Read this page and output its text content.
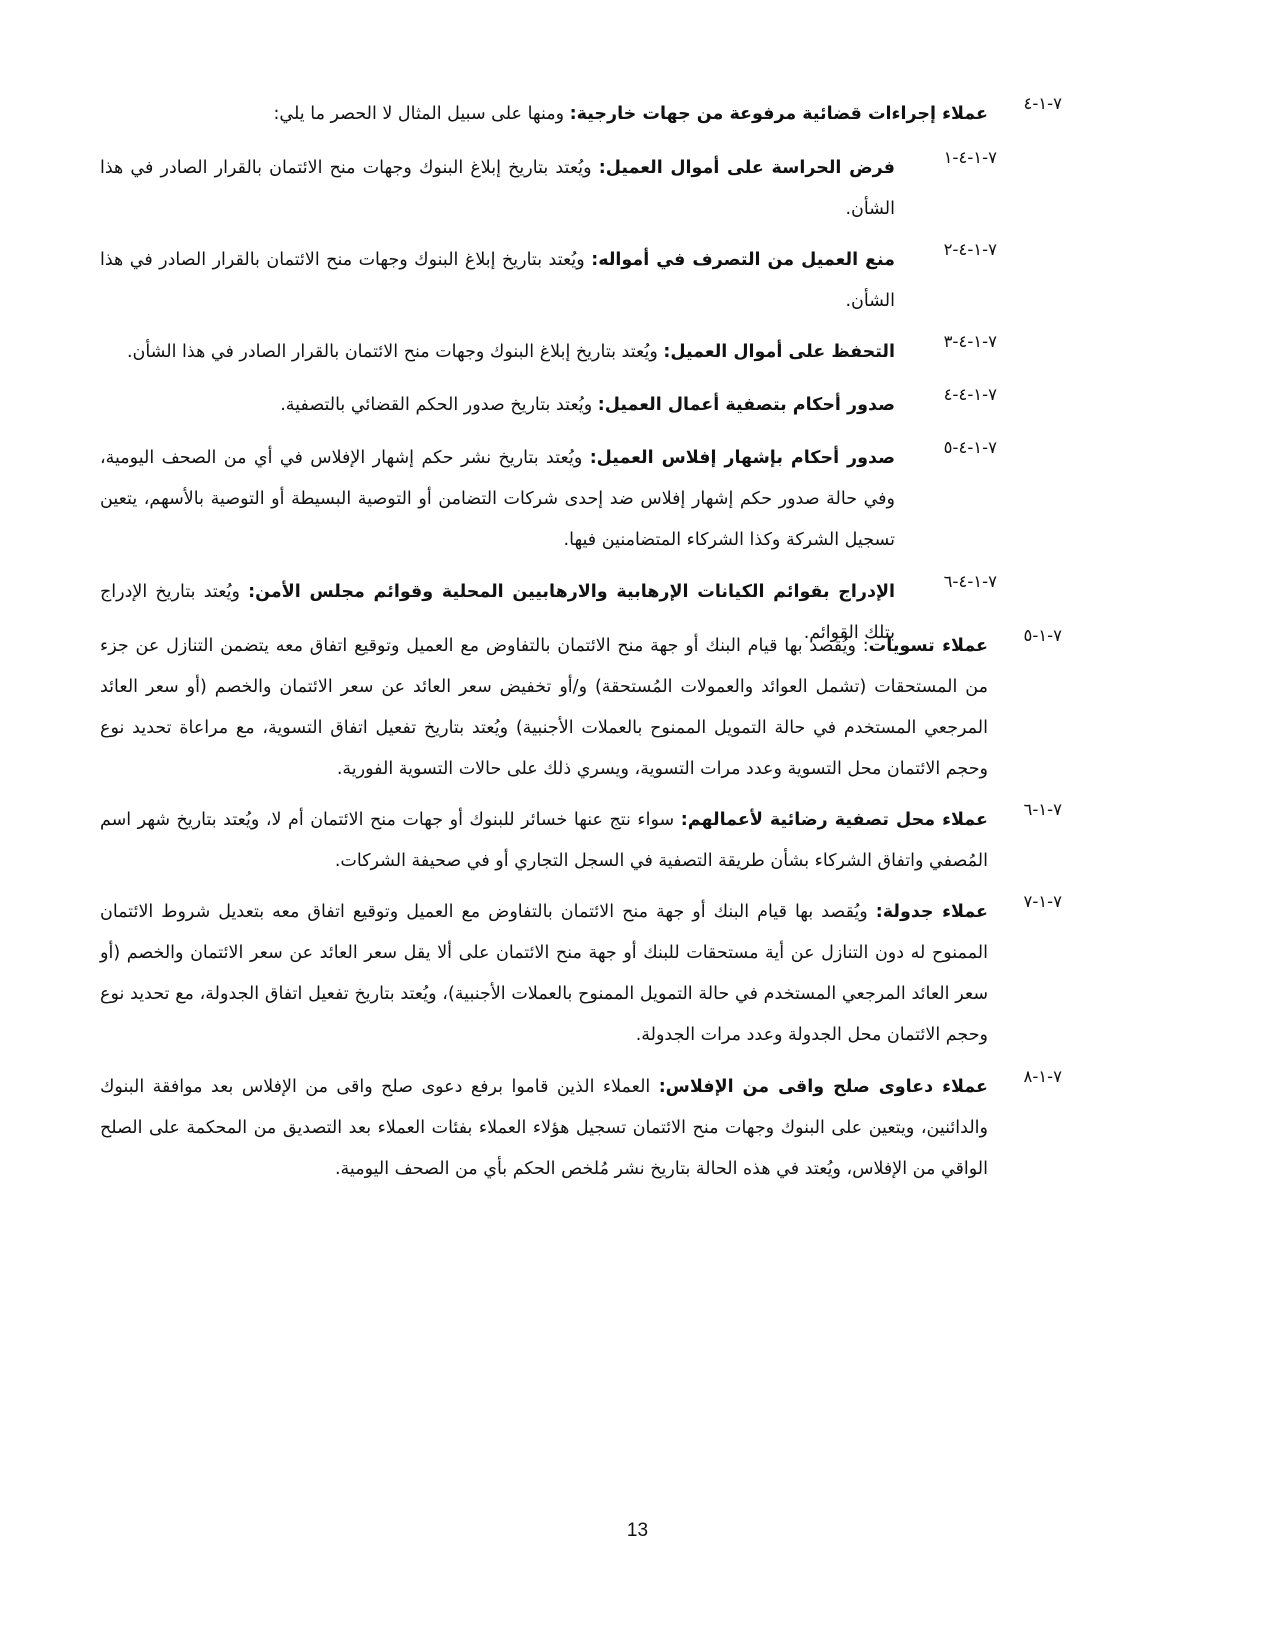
٧-١-٤
عملاء إجراءات قضائية مرفوعة من جهات خارجية: ومنها على سبيل المثال لا الحصر ما يلي:
٧-١-٤-١
فرض الحراسة على أموال العميل: ويُعتد بتاريخ إبلاغ البنوك وجهات منح الائتمان بالقرار الصادر في هذا الشأن.
٧-١-٤-٢
منع العميل من التصرف في أمواله: ويُعتد بتاريخ إبلاغ البنوك وجهات منح الائتمان بالقرار الصادر في هذا الشأن.
٧-١-٤-٣
التحفظ على أموال العميل: ويُعتد بتاريخ إبلاغ البنوك وجهات منح الائتمان بالقرار الصادر في هذا الشأن.
٧-١-٤-٤
صدور أحكام بتصفية أعمال العميل: ويُعتد بتاريخ صدور الحكم القضائي بالتصفية.
٧-١-٤-٥
صدور أحكام بإشهار إفلاس العميل: ويُعتد بتاريخ نشر حكم إشهار الإفلاس في أي من الصحف اليومية، وفي حالة صدور حكم إشهار إفلاس ضد إحدى شركات التضامن أو التوصية البسيطة أو التوصية بالأسهم، يتعين تسجيل الشركة وكذا الشركاء المتضامنين فيها.
٧-١-٤-٦
الإدراج بقوائم الكيانات الإرهابية والارهابيين المحلية وقوائم مجلس الأمن: ويُعتد بتاريخ الإدراج بتلك القوائم.	٧-١-٥
عملاء تسويات: ويُقصد بها قيام البنك أو جهة منح الائتمان بالتفاوض مع العميل وتوقيع اتفاق معه يتضمن التنازل عن جزء من المستحقات (تشمل العوائد والعمولات المُستحقة) و/أو تخفيض سعر العائد عن سعر الائتمان والخصم (أو سعر العائد المرجعي المستخدم في حالة التمويل الممنوح بالعملات الأجنبية) ويُعتد بتاريخ تفعيل اتفاق التسوية، مع مراعاة تحديد نوع وحجم الائتمان محل التسوية وعدد مرات التسوية، ويسري ذلك على حالات التسوية الفورية.
٧-١-٦
عملاء محل تصفية رضائية لأعمالهم: سواء نتج عنها خسائر للبنوك أو جهات منح الائتمان أم لا، ويُعتد بتاريخ شهر اسم المُصفي واتفاق الشركاء بشأن طريقة التصفية في السجل التجاري أو في صحيفة الشركات.
٧-١-٧
عملاء جدولة: ويُقصد بها قيام البنك أو جهة منح الائتمان بالتفاوض مع العميل وتوقيع اتفاق معه بتعديل شروط الائتمان الممنوح له دون التنازل عن أية مستحقات للبنك أو جهة منح الائتمان على ألا يقل سعر العائد عن سعر الائتمان والخصم (أو سعر العائد المرجعي المستخدم في حالة التمويل الممنوح بالعملات الأجنبية)، ويُعتد بتاريخ تفعيل اتفاق الجدولة، مع تحديد نوع وحجم الائتمان محل الجدولة وعدد مرات الجدولة.
٧-١-٨
عملاء دعاوى صلح واقى من الإفلاس: العملاء الذين قاموا برفع دعوى صلح واقى من الإفلاس بعد موافقة البنوك والدائنين، ويتعين على البنوك وجهات منح الائتمان تسجيل هؤلاء العملاء بفئات العملاء بعد التصديق من المحكمة على الصلح الواقي من الإفلاس، ويُعتد في هذه الحالة بتاريخ نشر مُلخص الحكم بأي من الصحف اليومية.
13
